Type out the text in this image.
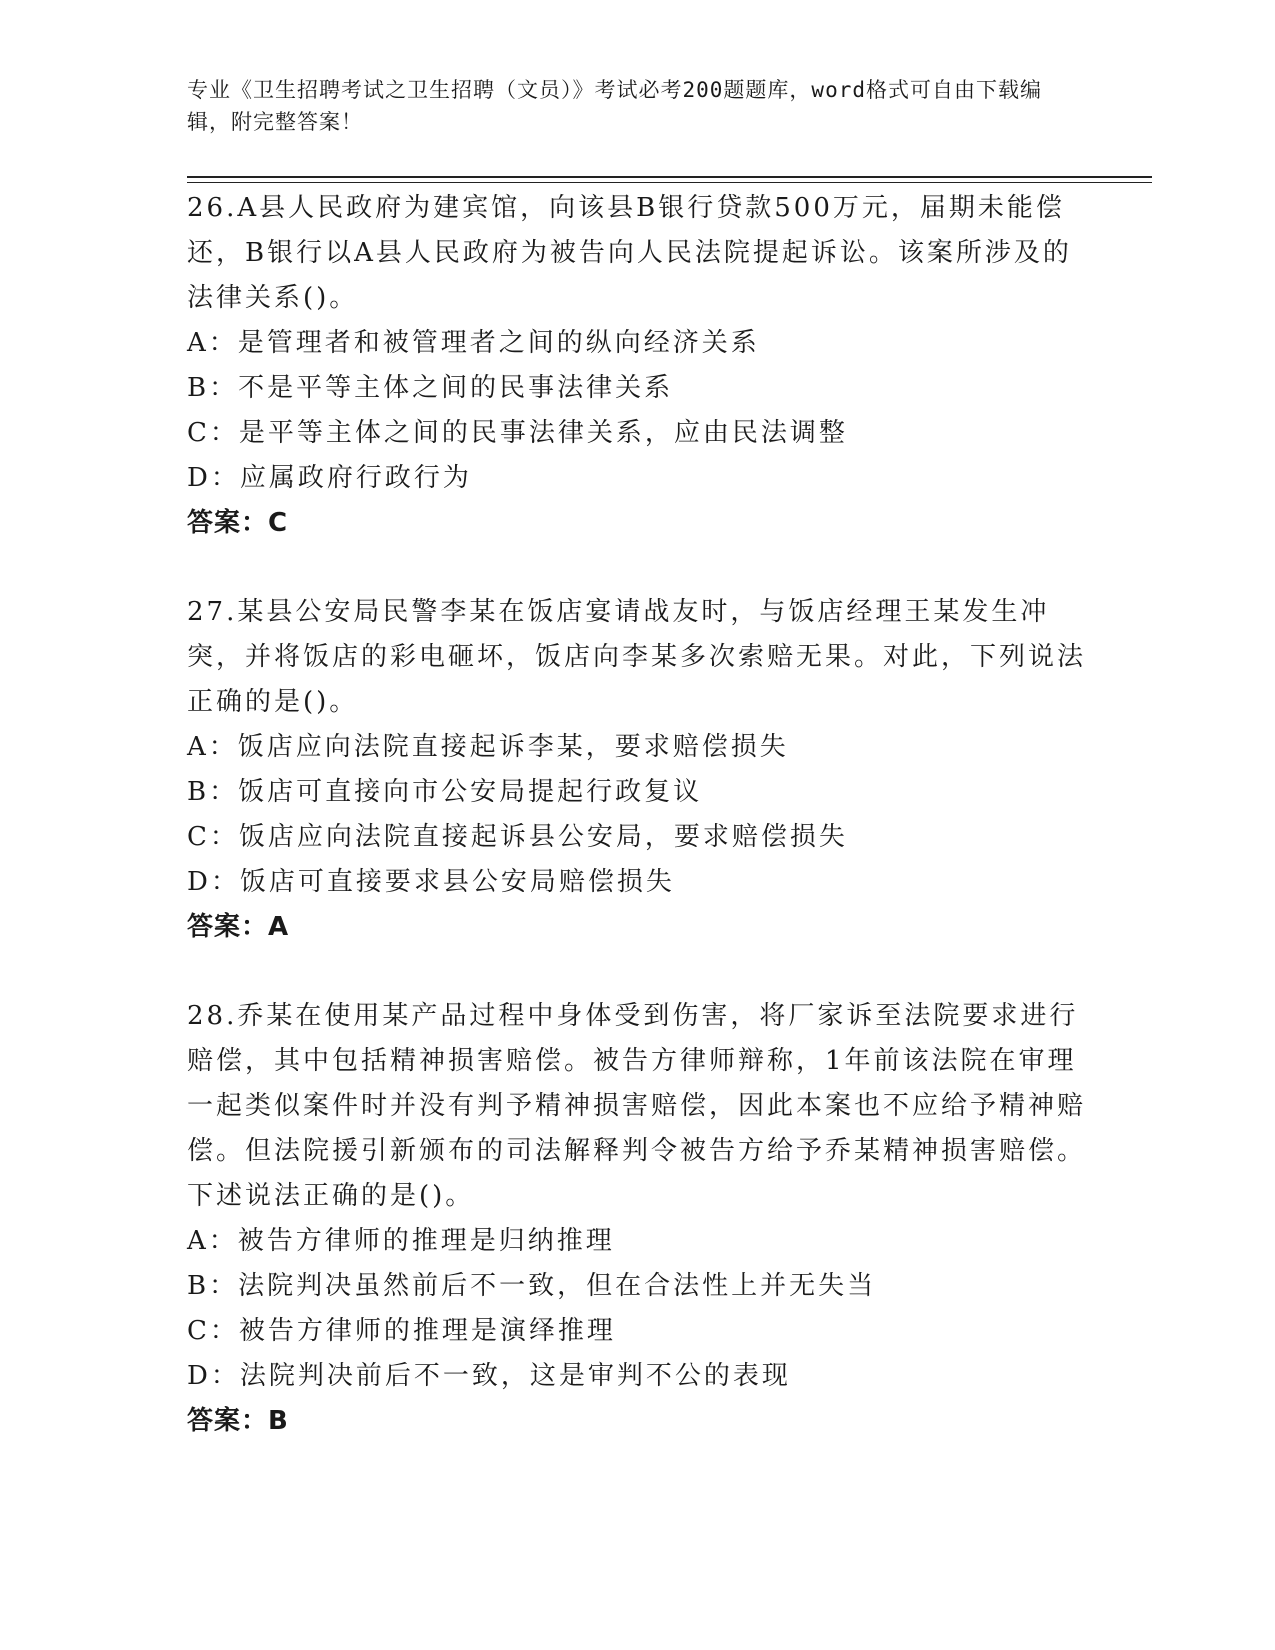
专业《卫生招聘考试之卫生招聘（文员）》考试必考200题题库，word格式可自由下载编辑，附完整答案！

26.A县人民政府为建宾馆，向该县B银行贷款500万元，届期未能偿还，B银行以A县人民政府为被告向人民法院提起诉讼。该案所涉及的法律关系()。

A：是管理者和被管理者之间的纵向经济关系

B：不是平等主体之间的民事法律关系

C：是平等主体之间的民事法律关系，应由民法调整

D：应属政府行政行为

答案：C

27.某县公安局民警李某在饭店宴请战友时，与饭店经理王某发生冲突，并将饭店的彩电砸坏，饭店向李某多次索赔无果。对此，下列说法正确的是()。

A：饭店应向法院直接起诉李某，要求赔偿损失

B：饭店可直接向市公安局提起行政复议

C：饭店应向法院直接起诉县公安局，要求赔偿损失

D：饭店可直接要求县公安局赔偿损失

答案：A

28.乔某在使用某产品过程中身体受到伤害，将厂家诉至法院要求进行赔偿，其中包括精神损害赔偿。被告方律师辩称，1年前该法院在审理一起类似案件时并没有判予精神损害赔偿，因此本案也不应给予精神赔偿。但法院援引新颁布的司法解释判令被告方给予乔某精神损害赔偿。下述说法正确的是()。

A：被告方律师的推理是归纳推理

B：法院判决虽然前后不一致，但在合法性上并无失当

C：被告方律师的推理是演绎推理

D：法院判决前后不一致，这是审判不公的表现

答案：B
